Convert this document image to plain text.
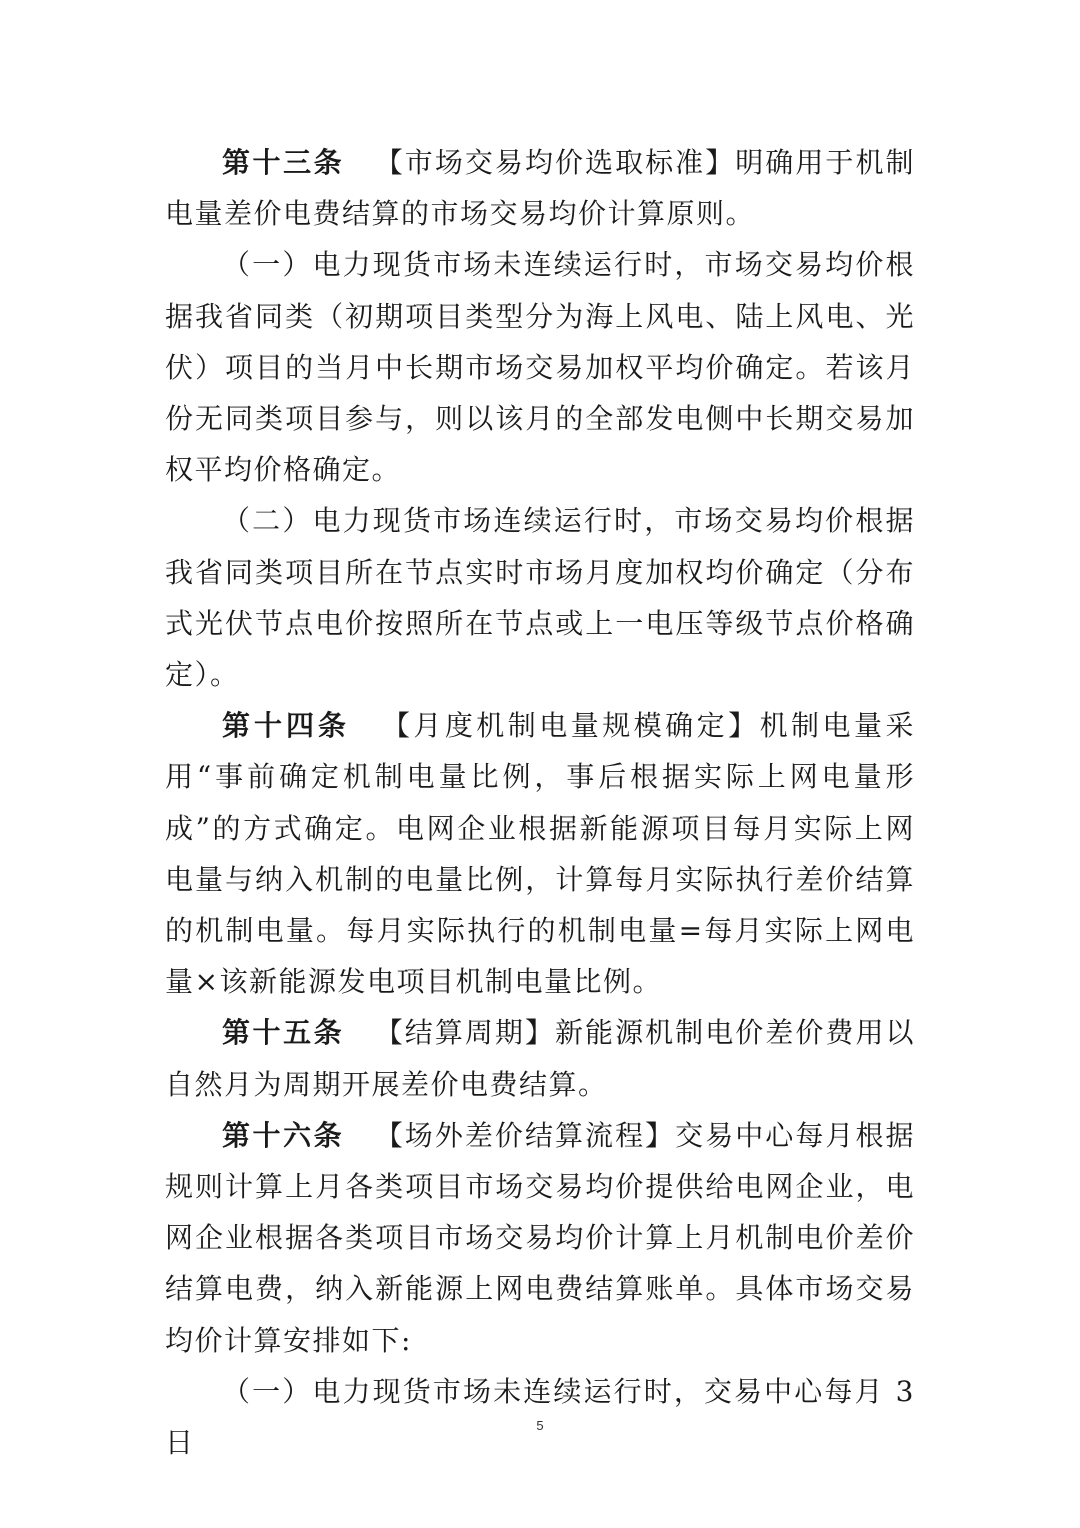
第十三条 【市场交易均价选取标准】明确用于机制电量差价电费结算的市场交易均价计算原则。

（一）电力现货市场未连续运行时，市场交易均价根据我省同类（初期项目类型分为海上风电、陆上风电、光伏）项目的当月中长期市场交易加权平均价确定。若该月份无同类项目参与，则以该月的全部发电侧中长期交易加权平均价格确定。

（二）电力现货市场连续运行时，市场交易均价根据我省同类项目所在节点实时市场月度加权均价确定（分布式光伏节点电价按照所在节点或上一电压等级节点价格确定）。

第十四条 【月度机制电量规模确定】机制电量采用“事前确定机制电量比例，事后根据实际上网电量形成”的方式确定。电网企业根据新能源项目每月实际上网电量与纳入机制的电量比例，计算每月实际执行差价结算的机制电量。每月实际执行的机制电量=每月实际上网电量×该新能源发电项目机制电量比例。

第十五条 【结算周期】新能源机制电价差价费用以自然月为周期开展差价电费结算。

第十六条 【场外差价结算流程】交易中心每月根据规则计算上月各类项目市场交易均价提供给电网企业，电网企业根据各类项目市场交易均价计算上月机制电价差价结算电费，纳入新能源上网电费结算账单。具体市场交易均价计算安排如下:

（一）电力现货市场未连续运行时，交易中心每月 3 日

5
